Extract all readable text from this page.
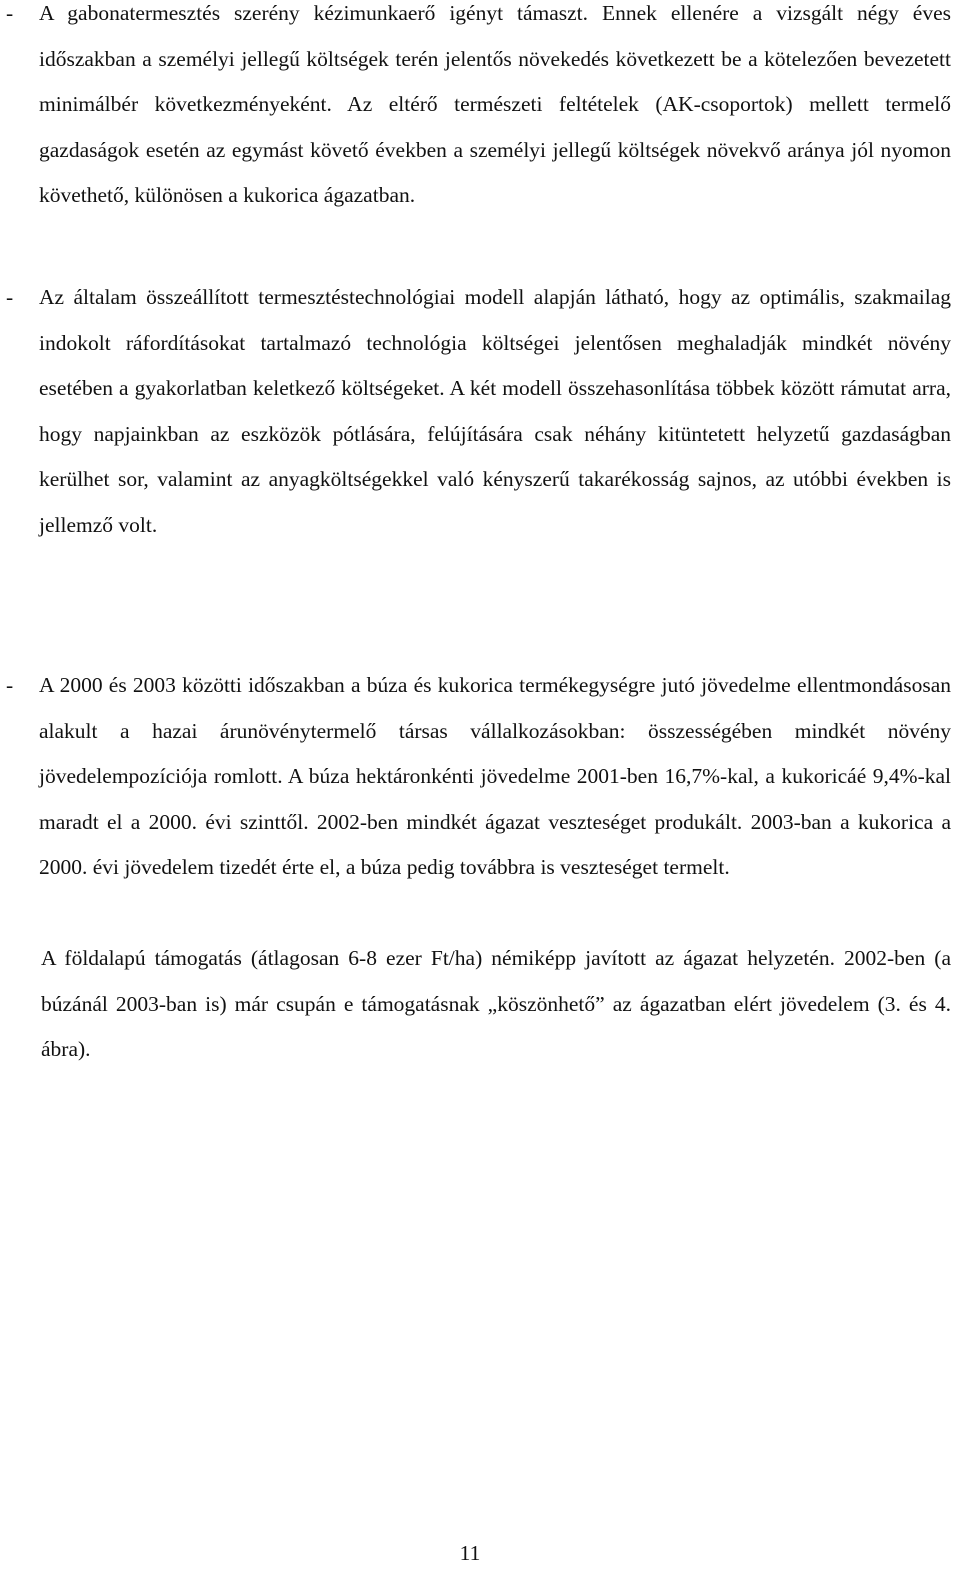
- A gabonatermesztés szerény kézimunkaerő igényt támaszt. Ennek ellenére a vizsgált négy éves időszakban a személyi jellegű költségek terén jelentős növekedés következett be a kötelezően bevezetett minimálbér következményeként. Az eltérő természeti feltételek (AK-csoportok) mellett termelő gazdaságok esetén az egymást követő években a személyi jellegű költségek növekvő aránya jól nyomon követhető, különösen a kukorica ágazatban.

- Az általam összeállított termesztéstechnológiai modell alapján látható, hogy az optimális, szakmailag indokolt ráfordításokat tartalmazó technológia költségei jelentősen meghaladják mindkét növény esetében a gyakorlatban keletkező költségeket. A két modell összehasonlítása többek között rámutat arra, hogy napjainkban az eszközök pótlására, felújítására csak néhány kitüntetett helyzetű gazdaságban kerülhet sor, valamint az anyagköltségekkel való kényszerű takarékosság sajnos, az utóbbi években is jellemző volt.

- A 2000 és 2003 közötti időszakban a búza és kukorica termékegységre jutó jövedelme ellentmondásosan alakult a hazai árunövénytermelő társas vállalkozásokban: összességében mindkét növény jövedelempozíciója romlott. A búza hektáronkénti jövedelme 2001-ben 16,7%-kal, a kukoricáé 9,4%-kal maradt el a 2000. évi szinttől. 2002-ben mindkét ágazat veszteséget produkált. 2003-ban a kukorica a 2000. évi jövedelem tizedét érte el, a búza pedig továbbra is veszteséget termelt.

A földalapú támogatás (átlagosan 6-8 ezer Ft/ha) némiképp javított az ágazat helyzetén. 2002-ben (a búzánál 2003-ban is) már csupán e támogatásnak „köszönhető” az ágazatban elért jövedelem (3. és 4. ábra).

11
